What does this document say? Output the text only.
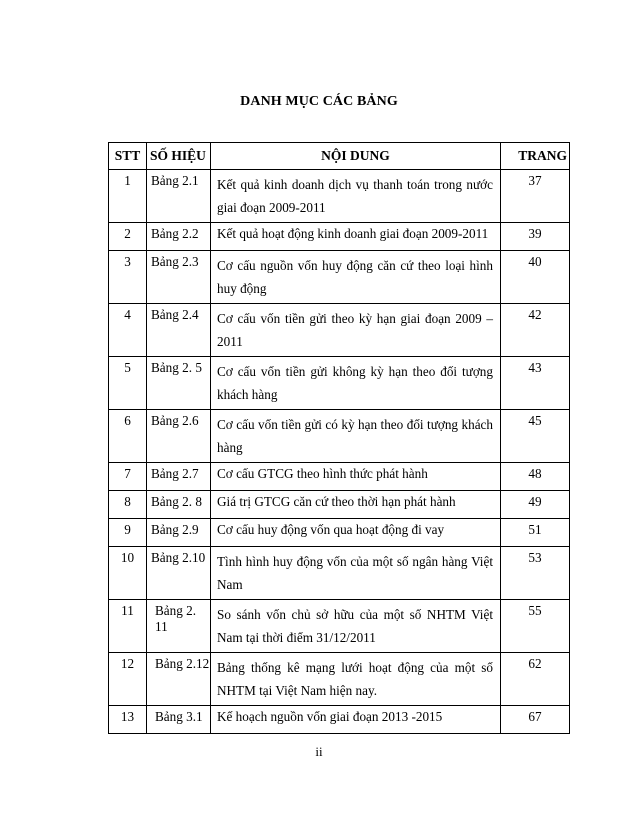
DANH MỤC CÁC BẢNG
STT	SỐ HIỆU	NỘI DUNG	TRANG
1	Bảng 2.1	Kết quả kinh doanh dịch vụ thanh toán trong nước giai đoạn 2009-2011	37
2	Bảng 2.2	Kết quả hoạt động kinh doanh giai đoạn 2009-2011	39
3	Bảng 2.3	Cơ cấu nguồn vốn huy động căn cứ theo loại hình huy động	40
4	Bảng 2.4	Cơ cấu vốn tiền gửi theo kỳ hạn giai đoạn 2009 – 2011	42
5	Bảng 2. 5	Cơ cấu vốn tiền gửi không kỳ hạn theo đối tượng khách hàng	43
6	Bảng 2.6	Cơ cấu vốn tiền gửi có kỳ hạn theo đối tượng khách hàng	45
7	Bảng 2.7	Cơ cấu GTCG theo hình thức phát hành	48
8	Bảng 2. 8	Giá trị GTCG căn cứ theo thời hạn phát hành	49
9	Bảng 2.9	Cơ cấu huy động vốn qua hoạt động đi vay	51
10	Bảng 2.10	Tình hình huy động vốn của một số ngân hàng Việt Nam	53
11	Bảng 2. 11	So sánh vốn chủ sở hữu của một số NHTM Việt Nam tại thời điểm 31/12/2011	55
12	Bảng 2.12	Bảng thống kê mạng lưới hoạt động của một số NHTM tại Việt Nam hiện nay.	62
13	Bảng 3.1	Kế hoạch nguồn vốn giai đoạn 2013 -2015	67
ii
